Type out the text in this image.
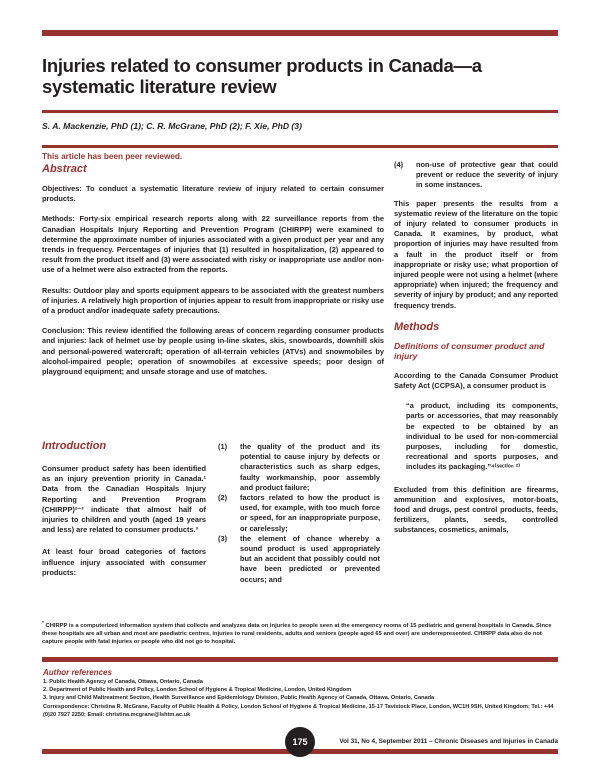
Injuries related to consumer products in Canada—a systematic literature review
S. A. Mackenzie, PhD (1); C. R. McGrane, PhD (2); F. Xie, PhD (3)
This article has been peer reviewed.
Abstract
Objectives: To conduct a systematic literature review of injury related to certain consumer products.
Methods: Forty-six empirical research reports along with 22 surveillance reports from the Canadian Hospitals Injury Reporting and Prevention Program (CHIRPP) were examined to determine the approximate number of injuries associated with a given product per year and any trends in frequency. Percentages of injuries that (1) resulted in hospitalization, (2) appeared to result from the product itself and (3) were associated with risky or inappropriate use and/or non-use of a helmet were also extracted from the reports.
Results: Outdoor play and sports equipment appears to be associated with the greatest numbers of injuries. A relatively high proportion of injuries appear to result from inappropriate or risky use of a product and/or inadequate safety precautions.
Conclusion: This review identified the following areas of concern regarding consumer products and injuries: lack of helmet use by people using in-line skates, skis, snowboards, downhill skis and personal-powered watercraft; operation of all-terrain vehicles (ATVs) and snowmobiles by alcohol-impaired people; operation of snowmobiles at excessive speeds; poor design of playground equipment; and unsafe storage and use of matches.
Introduction
Consumer product safety has been identified as an injury prevention priority in Canada.¹ Data from the Canadian Hospitals Injury Reporting and Prevention Program (CHIRPP)²⁻³ indicate that almost half of injuries to children and youth (aged 19 years and less) are related to consumer products.³
At least four broad categories of factors influence injury associated with consumer products:
(1)	the quality of the product and its potential to cause injury by defects or characteristics such as sharp edges, faulty workmanship, poor assembly and product failure;
(2)	factors related to how the product is used, for example, with too much force or speed, for an inappropriate purpose, or carelessly;
(3)	the element of chance whereby a sound product is used appropriately but an accident that possibly could not have been predicted or prevented occurs; and
(4)	non-use of protective gear that could prevent or reduce the severity of injury in some instances.
This paper presents the results from a systematic review of the literature on the topic of injury related to consumer products in Canada. It examines, by product, what proportion of injuries may have resulted from a fault in the product itself or from inappropriate or risky use; what proportion of injured people were not using a helmet (where appropriate) when injured; the frequency and severity of injury by product; and any reported frequency trends.
Methods
Definitions of consumer product and injury
According to the Canada Consumer Product Safety Act (CCPSA), a consumer product is
“a product, including its components, parts or accessories, that may reasonably be expected to be obtained by an individual to be used for non-commercial purposes, including for domestic, recreational and sports purposes, and includes its packaging.”⁴⁽ˢᵉᶜᵗⁱᵒⁿ ²⁾
Excluded from this definition are firearms, ammunition and explosives, motor-boats, food and drugs, pest control products, feeds, fertilizers, plants, seeds, controlled substances, cosmetics, animals,
* CHIRPP is a computerized information system that collects and analyzes data on injuries to people seen at the emergency rooms of 15 pediatric and general hospitals in Canada. Since these hospitals are all urban and most are paediatric centres, injuries to rural residents, adults and seniors (people aged 65 and over) are underrepresented. CHIRPP data also do not capture people with fatal injuries or people who did not go to hospital.
Author references
1. Public Health Agency of Canada, Ottawa, Ontario, Canada
2. Department of Public Health and Policy, London School of Hygiene & Tropical Medicine, London, United Kingdom
3. Injury and Child Maltreatment Section, Health Surveillance and Epidemiology Division, Public Health Agency of Canada, Ottawa, Ontario, Canada
Correspondence: Christina R. McGrane, Faculty of Public Health & Policy, London School of Hygiene & Tropical Medicine, 15-17 Tavistock Place, London, WC1H 9SH, United Kingdom; Tel.: +44 (0)20 7927 2250; Email: christina.mcgrane@lshtm.ac.uk
175	Vol 31, No 4, September 2011 – Chronic Diseases and Injuries in Canada
